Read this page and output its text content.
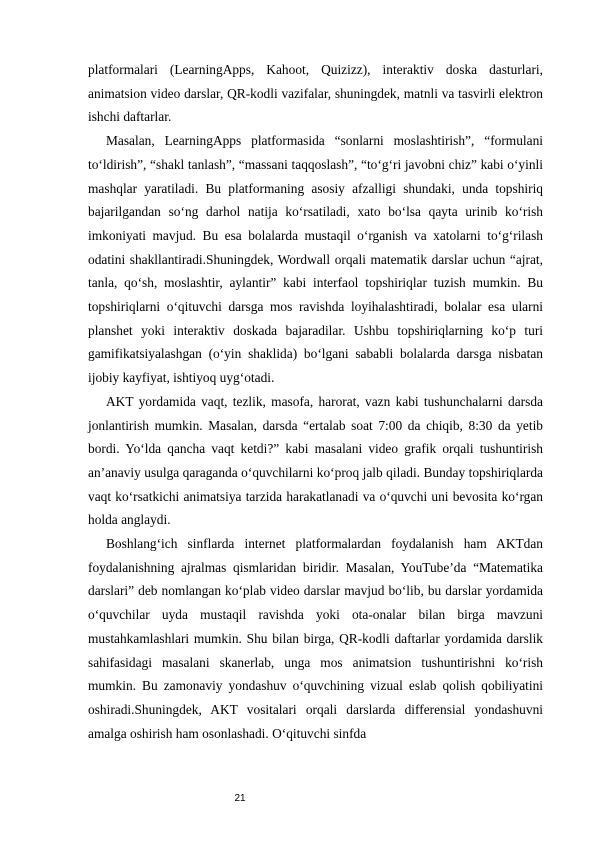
platformalari (LearningApps, Kahoot, Quizizz), interaktiv doska dasturlari, animatsion video darslar, QR-kodli vazifalar, shuningdek, matnli va tasvirli elektron ishchi daftarlar.

Masalan, LearningApps platformasida “sonlarni moslashtirish”, “formulani to‘ldirish”, “shakl tanlash”, “massani taqqoslash”, “to‘g‘ri javobni chiz” kabi o‘yinli mashqlar yaratiladi. Bu platformaning asosiy afzalligi shundaki, unda topshiriq bajarilgandan so‘ng darhol natija ko‘rsatiladi, xato bo‘lsa qayta urinib ko‘rish imkoniyati mavjud. Bu esa bolalarda mustaqil o‘rganish va xatolarni to‘g‘rilash odatini shakllantiradi.Shuningdek, Wordwall orqali matematik darslar uchun “ajrat, tanla, qo‘sh, moslashtir, aylantir” kabi interfaol topshiriqlar tuzish mumkin. Bu topshiriqlarni o‘qituvchi darsga mos ravishda loyihalashtiradi, bolalar esa ularni planshet yoki interaktiv doskada bajaradilar. Ushbu topshiriqlarning ko‘p turi gamifikatsiyalashgan (o‘yin shaklida) bo‘lgani sababli bolalarda darsga nisbatan ijobiy kayfiyat, ishtiyoq uyg‘otadi.

AKT yordamida vaqt, tezlik, masofa, harorat, vazn kabi tushunchalarni darsda jonlantirish mumkin. Masalan, darsda “ertalab soat 7:00 da chiqib, 8:30 da yetib bordi. Yo‘lda qancha vaqt ketdi?” kabi masalani video grafik orqali tushuntirish an’anaviy usulga qaraganda o‘quvchilarni ko‘proq jalb qiladi. Bunday topshiriqlarda vaqt ko‘rsatkichi animatsiya tarzida harakatlanadi va o‘quvchi uni bevosita ko‘rgan holda anglaydi.

Boshlang‘ich sinflarda internet platformalardan foydalanish ham AKTdan foydalanishning ajralmas qismlaridan biridir. Masalan, YouTube’da “Matematika darslari” deb nomlangan ko‘plab video darslar mavjud bo‘lib, bu darslar yordamida o‘quvchilar uyda mustaqil ravishda yoki ota-onalar bilan birga mavzuni mustahkamlashlari mumkin. Shu bilan birga, QR-kodli daftarlar yordamida darslik sahifasidagi masalani skanerlab, unga mos animatsion tushuntirishni ko‘rish mumkin. Bu zamonaviy yondashuv o‘quvchining vizual eslab qolish qobiliyatini oshiradi.Shuningdek, AKT vositalari orqali darslarda differensial yondashuvni amalga oshirish ham osonlashadi. O‘qituvchi sinfda

21
